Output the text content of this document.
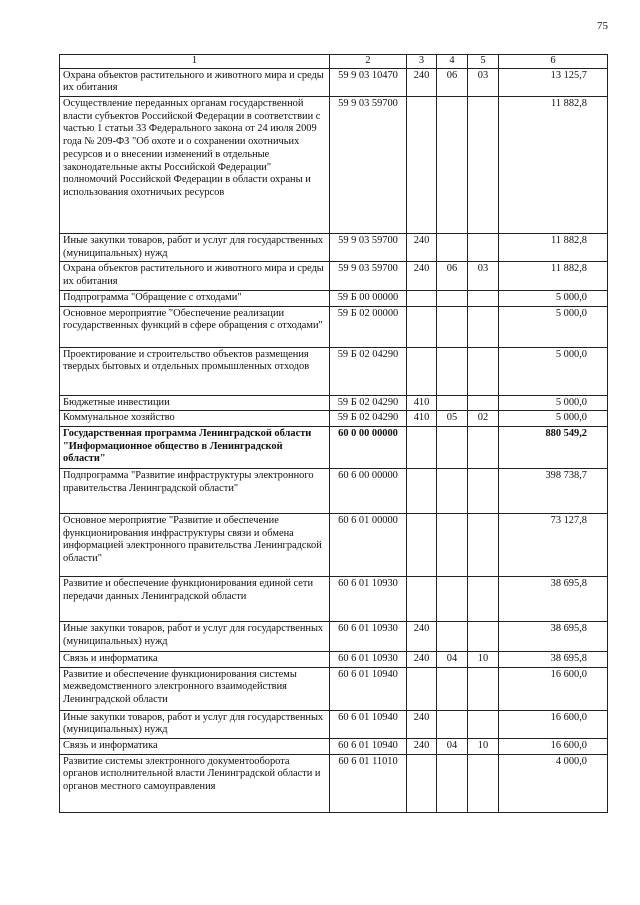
75
1	2	3	4	5	6
Охрана объектов растительного и животного мира и среды их обитания	59 9 03 10470	240	06	03	13 125,7
Осуществление переданных органам государственной власти субъектов Российской Федерации в соответствии с частью 1 статьи 33 Федерального закона от 24 июля 2009 года № 209-ФЗ "Об охоте и о сохранении охотничьих ресурсов и о внесении изменений в отдельные законодательные акты Российской Федерации" полномочий Российской Федерации в области охраны и использования охотничьих ресурсов	59 9 03 59700				11 882,8
Иные закупки товаров, работ и услуг для государственных (муниципальных) нужд	59 9 03 59700	240			11 882,8
Охрана объектов растительного и животного мира и среды их обитания	59 9 03 59700	240	06	03	11 882,8
Подпрограмма "Обращение с отходами"	59 Б 00 00000				5 000,0
Основное мероприятие "Обеспечение реализации государственных функций в сфере обращения с отходами"	59 Б 02 00000				5 000,0
Проектирование и строительство объектов размещения твердых бытовых и отдельных промышленных отходов	59 Б 02 04290				5 000,0
Бюджетные инвестиции	59 Б 02 04290	410			5 000,0
Коммунальное хозяйство	59 Б 02 04290	410	05	02	5 000,0
Государственная программа Ленинградской области "Информационное общество в Ленинградской области"	60 0 00 00000				880 549,2
Подпрограмма "Развитие инфраструктуры электронного правительства Ленинградской области"	60 6 00 00000				398 738,7
Основное мероприятие "Развитие и обеспечение функционирования инфраструктуры связи и обмена информацией электронного правительства Ленинградской области"	60 6 01 00000				73 127,8
Развитие и обеспечение функционирования единой сети передачи данных Ленинградской области	60 6 01 10930				38 695,8
Иные закупки товаров, работ и услуг для государственных (муниципальных) нужд	60 6 01 10930	240			38 695,8
Связь и информатика	60 6 01 10930	240	04	10	38 695,8
Развитие и обеспечение функционирования системы межведомственного электронного взаимодействия Ленинградской области	60 6 01 10940				16 600,0
Иные закупки товаров, работ и услуг для государственных (муниципальных) нужд	60 6 01 10940	240			16 600,0
Связь и информатика	60 6 01 10940	240	04	10	16 600,0
Развитие системы электронного документооборота органов исполнительной власти Ленинградской области и органов местного самоуправления	60 6 01 11010				4 000,0
